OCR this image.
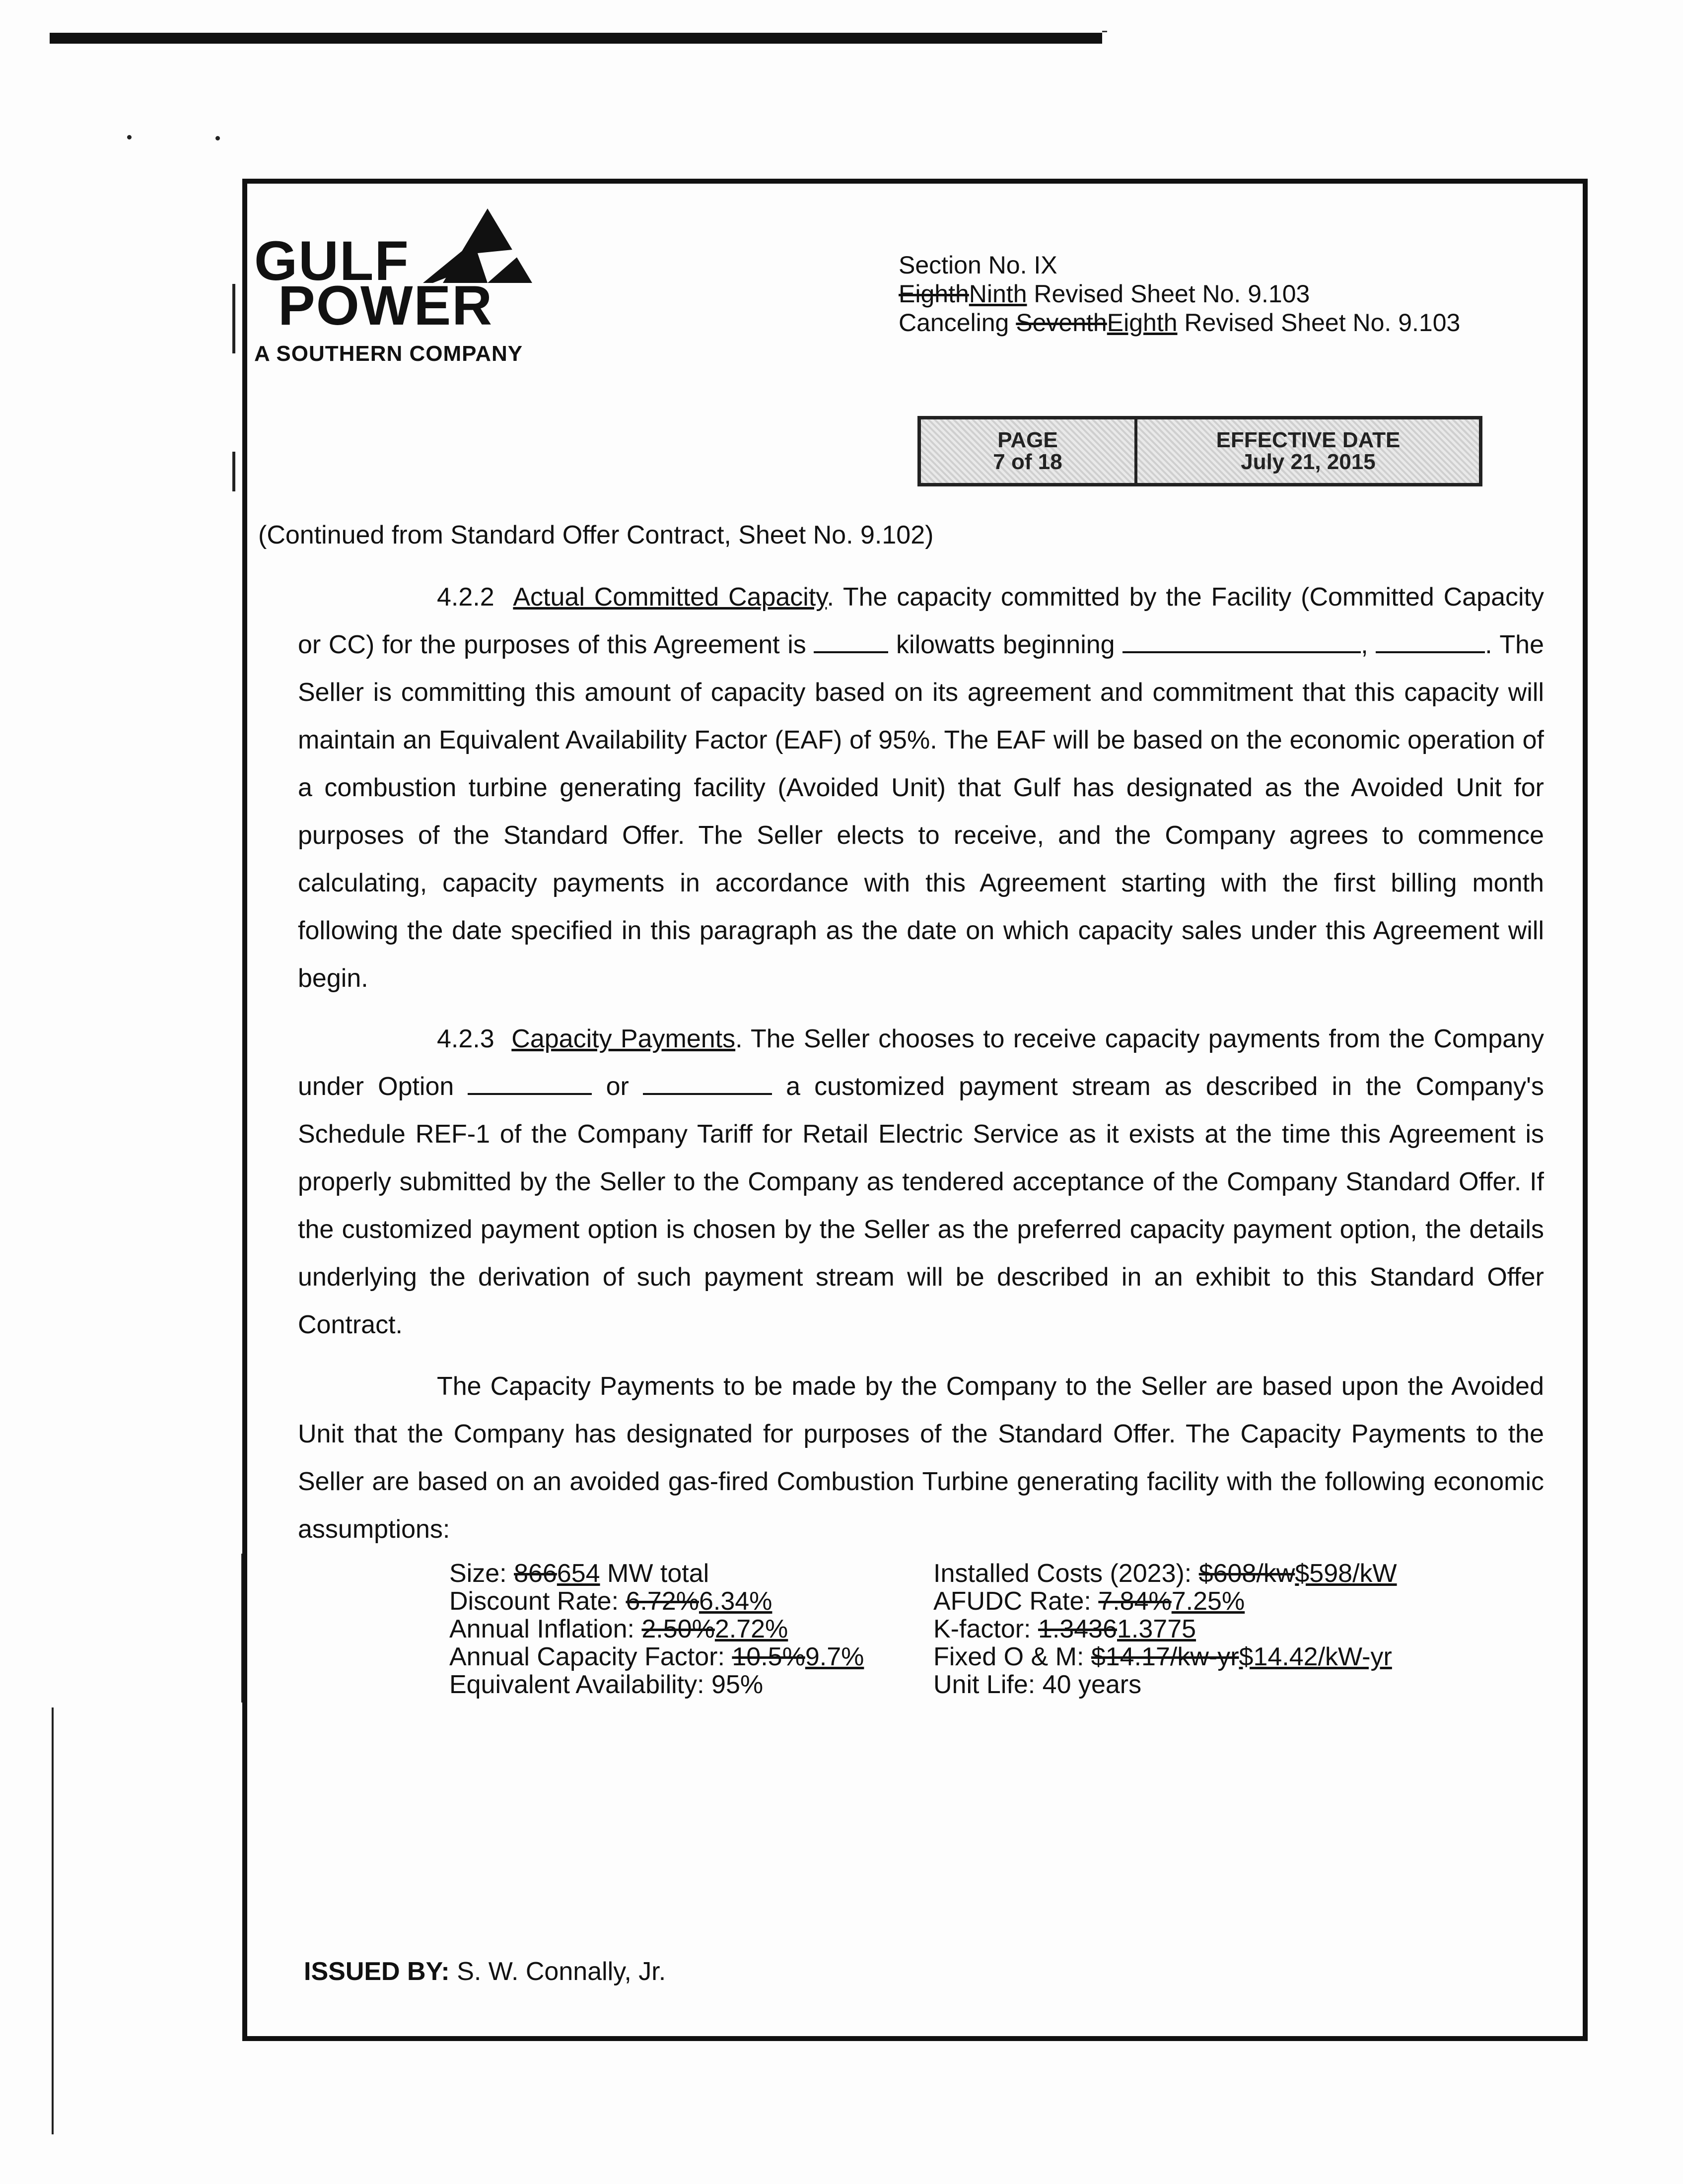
GULF
POWER
A SOUTHERN COMPANY
Section No. IX
EighthNinth Revised Sheet No. 9.103
Canceling SeventhEighth Revised Sheet No. 9.103
PAGE
7 of 18
EFFECTIVE DATE
July 21, 2015
(Continued from Standard Offer Contract, Sheet No. 9.102)
4.2.2 Actual Committed Capacity. The capacity committed by the Facility (Committed Capacity or CC) for the purposes of this Agreement is	kilowatts beginning	,	. The Seller is committing this amount of capacity based on its agreement and commitment that this capacity will maintain an Equivalent Availability Factor (EAF) of 95%. The EAF will be based on the economic operation of a combustion turbine generating facility (Avoided Unit) that Gulf has designated as the Avoided Unit for purposes of the Standard Offer. The Seller elects to receive, and the Company agrees to commence calculating, capacity payments in accordance with this Agreement starting with the first billing month following the date specified in this paragraph as the date on which capacity sales under this Agreement will begin.
4.2.3 Capacity Payments. The Seller chooses to receive capacity payments from the Company under Option	or	a customized payment stream as described in the Company's Schedule REF-1 of the Company Tariff for Retail Electric Service as it exists at the time this Agreement is properly submitted by the Seller to the Company as tendered acceptance of the Company Standard Offer. If the customized payment option is chosen by the Seller as the preferred capacity payment option, the details underlying the derivation of such payment stream will be described in an exhibit to this Standard Offer Contract.
The Capacity Payments to be made by the Company to the Seller are based upon the Avoided Unit that the Company has designated for purposes of the Standard Offer. The Capacity Payments to the Seller are based on an avoided gas-fired Combustion Turbine generating facility with the following economic assumptions:
Size: 866654 MW total
Discount Rate: 6.72%6.34%
Annual Inflation: 2.50%2.72%
Annual Capacity Factor: 10.5%9.7%
Equivalent Availability: 95%
Installed Costs (2023): $608/kw$598/kW
AFUDC Rate: 7.84%7.25%
K-factor: 1.34361.3775
Fixed O & M: $14.17/kw-yr$14.42/kW-yr
Unit Life: 40 years
ISSUED BY: S. W. Connally, Jr.
